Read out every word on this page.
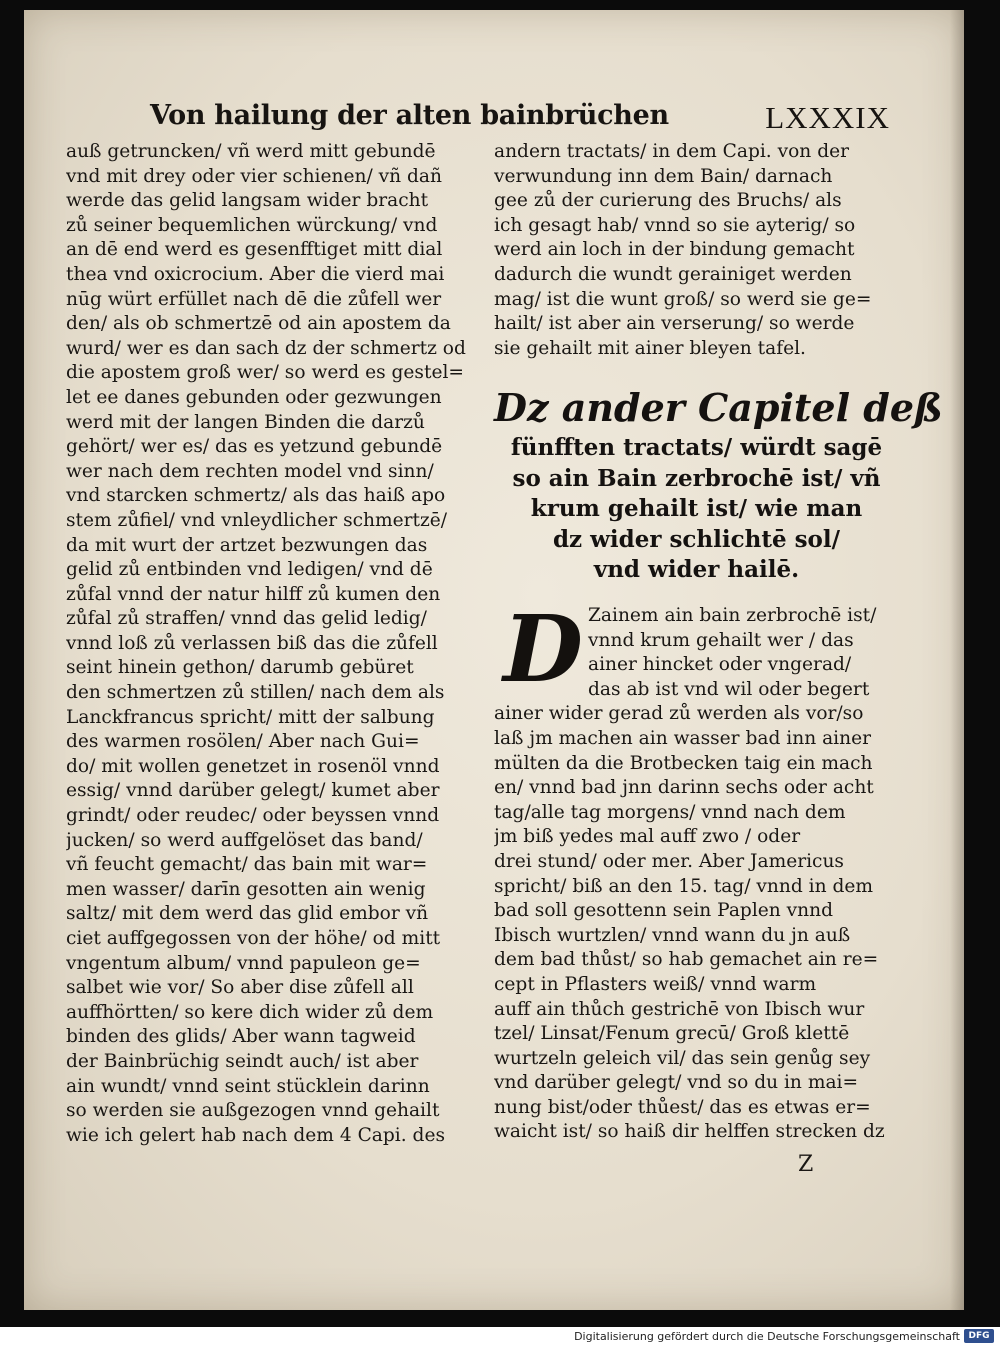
Von hailung der alten bainbrüchen	LXXXIX
auß getruncken/ vñ werd mitt gebundē
vnd mit drey oder vier schienen/ vñ dañ
werde das gelid langsam wider bracht
zů seiner bequemlichen würckung/ vnd
an dē end werd es gesenfftiget mitt dial
thea vnd oxicrocium. Aber die vierd mai
nūg würt erfüllet nach dē die zůfell wer
den/ als ob schmertzē od ain apostem da
wurd/ wer es dan sach dz der schmertz od
die apostem groß wer/ so werd es gestel=
let ee danes gebunden oder gezwungen
werd mit der langen Binden die darzů
gehört/ wer es/ das es yetzund gebundē
wer nach dem rechten model vnd sinn/
vnd starcken schmertz/ als das haiß apo
stem zůfiel/ vnd vnleydlicher schmertzē/
da mit wurt der artzet bezwungen das
gelid zů entbinden vnd ledigen/ vnd dē
zůfal vnnd der natur hilff zů kumen den
zůfal zů straffen/ vnnd das gelid ledig/
vnnd loß zů verlassen biß das die zůfell
seint hinein gethon/ darumb gebüret
den schmertzen zů stillen/ nach dem als
Lanckfrancus spricht/ mitt der salbung
des warmen rosölen/ Aber nach Gui=
do/ mit wollen genetzet in rosenöl vnnd
essig/ vnnd darüber gelegt/ kumet aber
grindt/ oder reudec/ oder beyssen vnnd
jucken/ so werd auffgelöset das band/
vñ feucht gemacht/ das bain mit war=
men wasser/ darīn gesotten ain wenig
saltz/ mit dem werd das glid embor vñ
ciet auffgegossen von der höhe/ od mitt
vngentum album/ vnnd papuleon ge=
salbet wie vor/ So aber dise zůfell all
auffhörtten/ so kere dich wider zů dem
binden des glids/ Aber wann tagweid
der Bainbrüchig seindt auch/ ist aber
ain wundt/ vnnd seint stücklein darinn
so werden sie außgezogen vnnd gehailt
wie ich gelert hab nach dem 4 Capi. des
andern tractats/ in dem Capi. von der
verwundung inn dem Bain/ darnach
gee zů der curierung des Bruchs/ als
ich gesagt hab/ vnnd so sie ayterig/ so
werd ain loch in der bindung gemacht
dadurch die wundt gerainiget werden
mag/ ist die wunt groß/ so werd sie ge=
hailt/ ist aber ain verserung/ so werde
sie gehailt mit ainer bleyen tafel.
Dz ander Capitel deß
fünfften tractats/ würdt sagē
so ain Bain zerbrochē ist/ vñ
krum gehailt ist/ wie man
dz wider schlichtē sol/
vnd wider hailē.
D Zainem ain bain zerbrochē ist/
vnnd krum gehailt wer / das
ainer hincket oder vngerad/
das ab ist vnd wil oder begert
ainer wider gerad zů werden als vor/so
laß jm machen ain wasser bad inn ainer
mülten da die Brotbecken taig ein mach
en/ vnnd bad jnn darinn sechs oder acht
tag/alle tag morgens/ vnnd nach dem
jm biß yedes mal auff zwo / oder
drei stund/ oder mer. Aber Jamericus
spricht/ biß an den 15. tag/ vnnd in dem
bad soll gesottenn sein Paplen vnnd
Ibisch wurtzlen/ vnnd wann du jn auß
dem bad thůst/ so hab gemachet ain re=
cept in Pflasters weiß/ vnnd warm
auff ain thůch gestrichē von Ibisch wur
tzel/ Linsat/Fenum grecū/ Groß klettē
wurtzeln geleich vil/ das sein genůg sey
vnd darüber gelegt/ vnd so du in mai=
nung bist/oder thůest/ das es etwas er=
waicht ist/ so haiß dir helffen strecken dz
Z
Digitalisierung gefördert durch die Deutsche Forschungsgemeinschaft DFG
